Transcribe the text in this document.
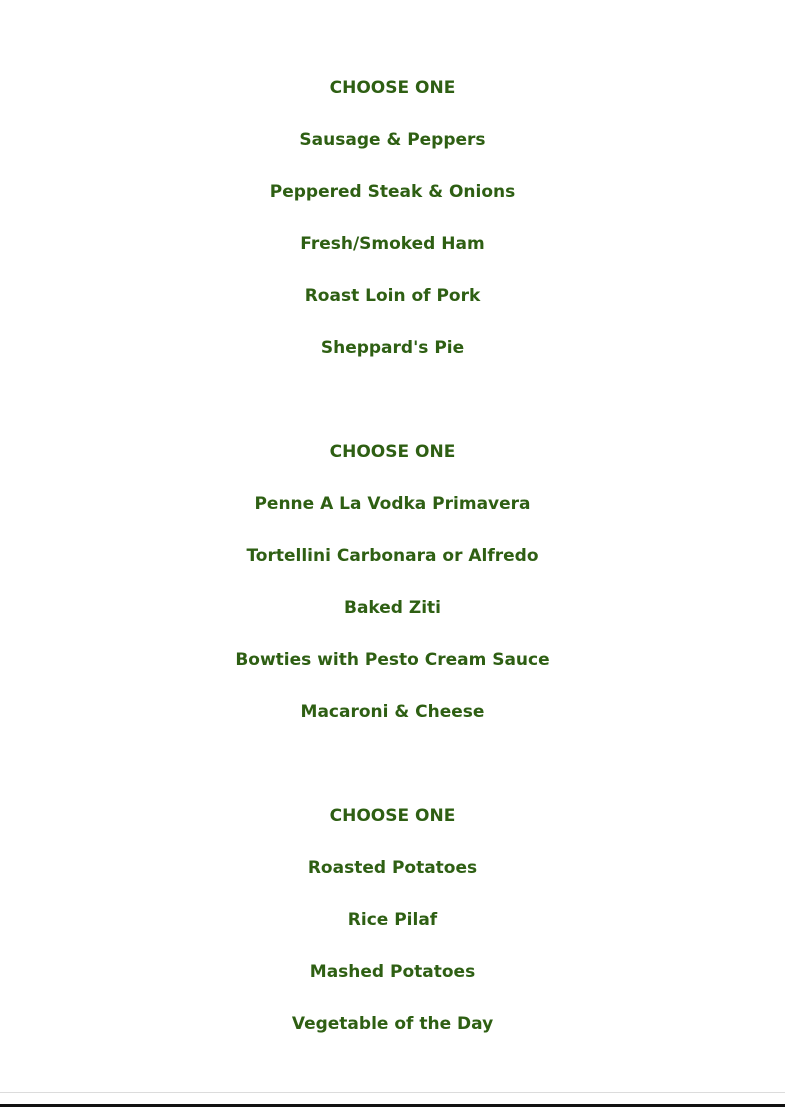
CHOOSE ONE
Sausage & Peppers
Peppered Steak & Onions
Fresh/Smoked Ham
Roast Loin of Pork
Sheppard's Pie
CHOOSE ONE
Penne A La Vodka Primavera
Tortellini Carbonara or Alfredo
Baked Ziti
Bowties with Pesto Cream Sauce
Macaroni & Cheese
CHOOSE ONE
Roasted Potatoes
Rice Pilaf
Mashed Potatoes
Vegetable of the Day
